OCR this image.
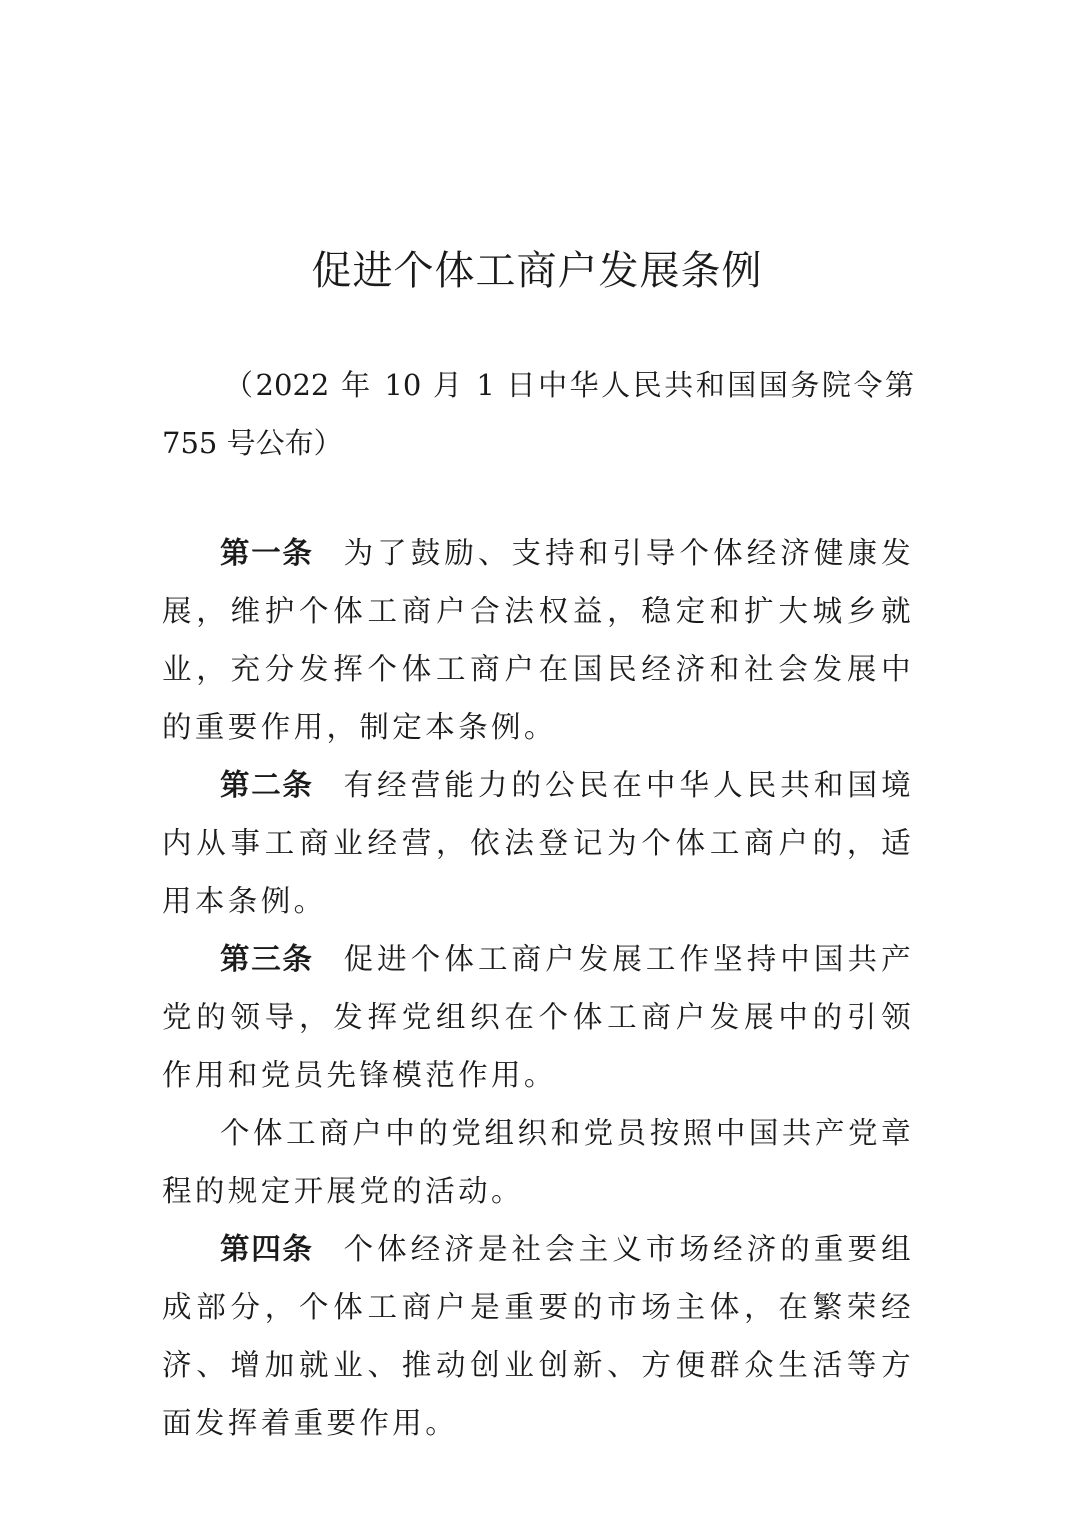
促进个体工商户发展条例

（2022 年 10 月 1 日中华人民共和国国务院令第 755 号公布）

第一条 为了鼓励、支持和引导个体经济健康发展，维护个体工商户合法权益，稳定和扩大城乡就业，充分发挥个体工商户在国民经济和社会发展中的重要作用，制定本条例。

第二条 有经营能力的公民在中华人民共和国境内从事工商业经营，依法登记为个体工商户的，适用本条例。

第三条 促进个体工商户发展工作坚持中国共产党的领导，发挥党组织在个体工商户发展中的引领作用和党员先锋模范作用。

个体工商户中的党组织和党员按照中国共产党章程的规定开展党的活动。

第四条 个体经济是社会主义市场经济的重要组成部分，个体工商户是重要的市场主体，在繁荣经济、增加就业、推动创业创新、方便群众生活等方面发挥着重要作用。
